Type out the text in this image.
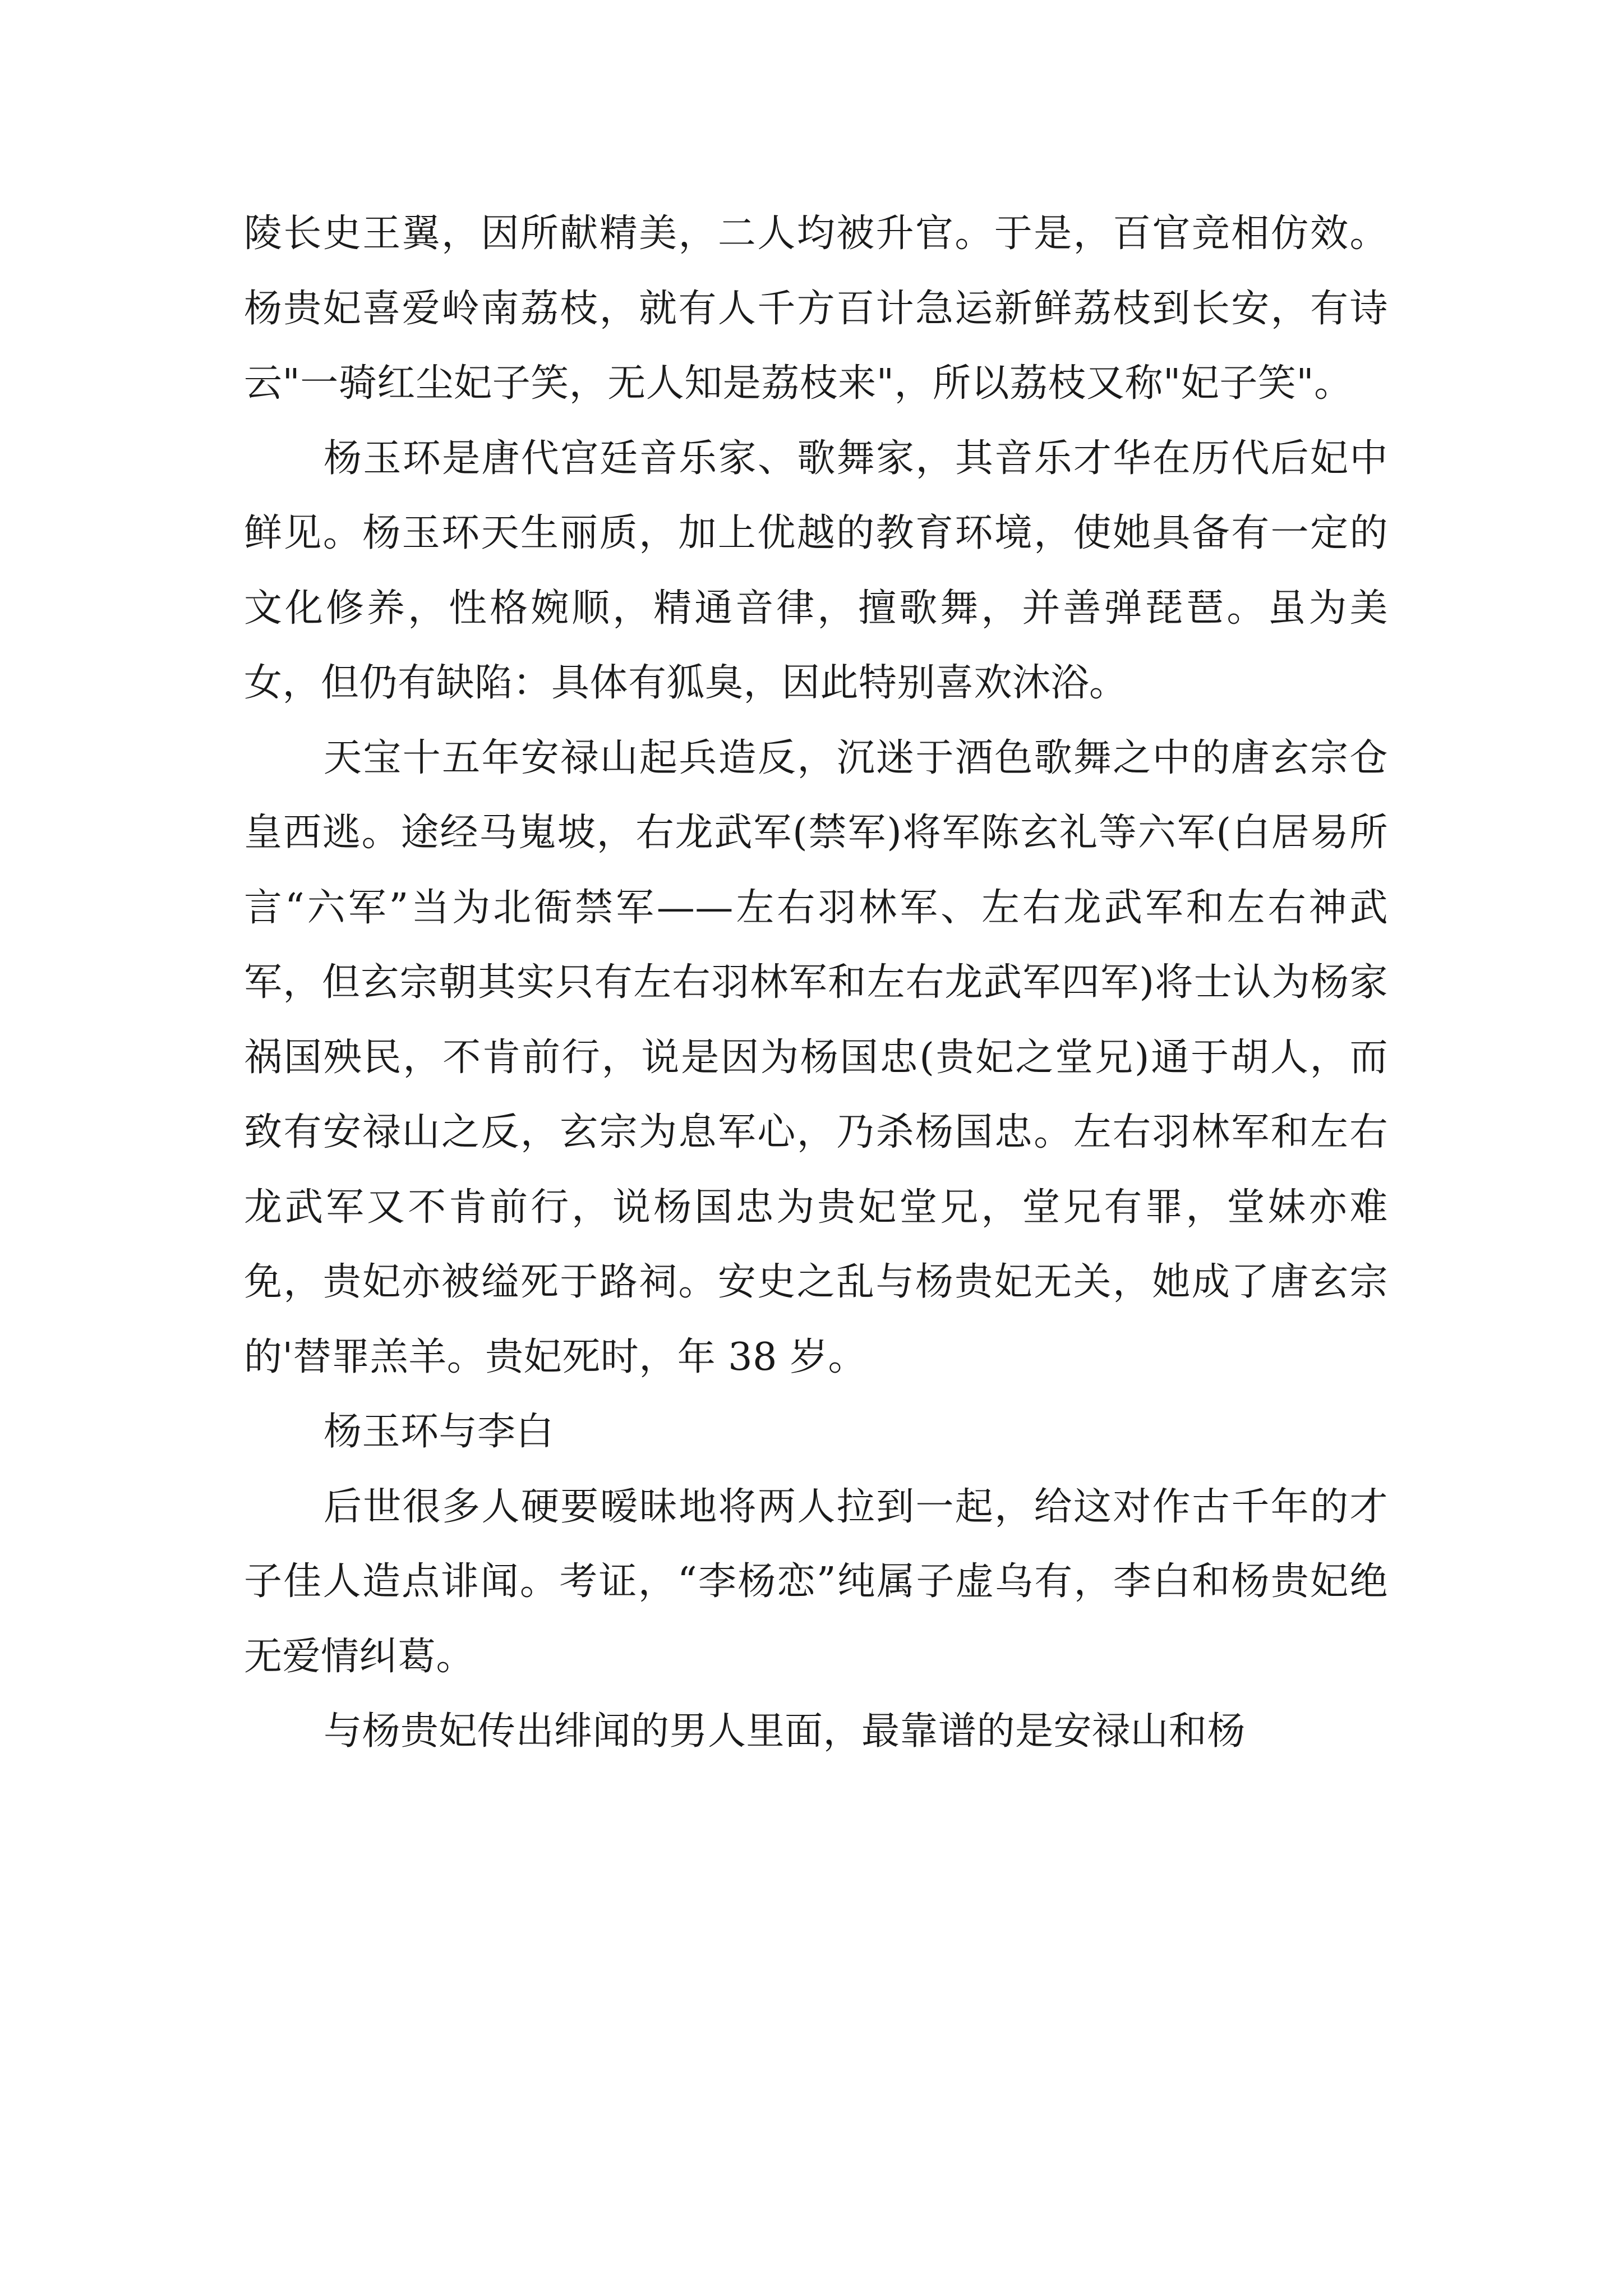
陵长史王翼，因所献精美，二人均被升官。于是，百官竞相仿效。杨贵妃喜爱岭南荔枝，就有人千方百计急运新鲜荔枝到长安，有诗云"一骑红尘妃子笑，无人知是荔枝来"，所以荔枝又称"妃子笑"。

杨玉环是唐代宫廷音乐家、歌舞家，其音乐才华在历代后妃中鲜见。杨玉环天生丽质，加上优越的教育环境，使她具备有一定的文化修养，性格婉顺，精通音律，擅歌舞，并善弹琵琶。虽为美女，但仍有缺陷：具体有狐臭，因此特别喜欢沐浴。

天宝十五年安禄山起兵造反，沉迷于酒色歌舞之中的唐玄宗仓皇西逃。途经马嵬坡，右龙武军(禁军)将军陈玄礼等六军(白居易所言“六军”当为北衙禁军——左右羽林军、左右龙武军和左右神武军，但玄宗朝其实只有左右羽林军和左右龙武军四军)将士认为杨家祸国殃民，不肯前行，说是因为杨国忠(贵妃之堂兄)通于胡人，而致有安禄山之反，玄宗为息军心，乃杀杨国忠。左右羽林军和左右龙武军又不肯前行，说杨国忠为贵妃堂兄，堂兄有罪，堂妹亦难免，贵妃亦被缢死于路祠。安史之乱与杨贵妃无关，她成了唐玄宗的'替罪羔羊。贵妃死时，年 38 岁。

杨玉环与李白

后世很多人硬要暧昧地将两人拉到一起，给这对作古千年的才子佳人造点诽闻。考证，“李杨恋”纯属子虚乌有，李白和杨贵妃绝无爱情纠葛。

与杨贵妃传出绯闻的男人里面，最靠谱的是安禄山和杨
